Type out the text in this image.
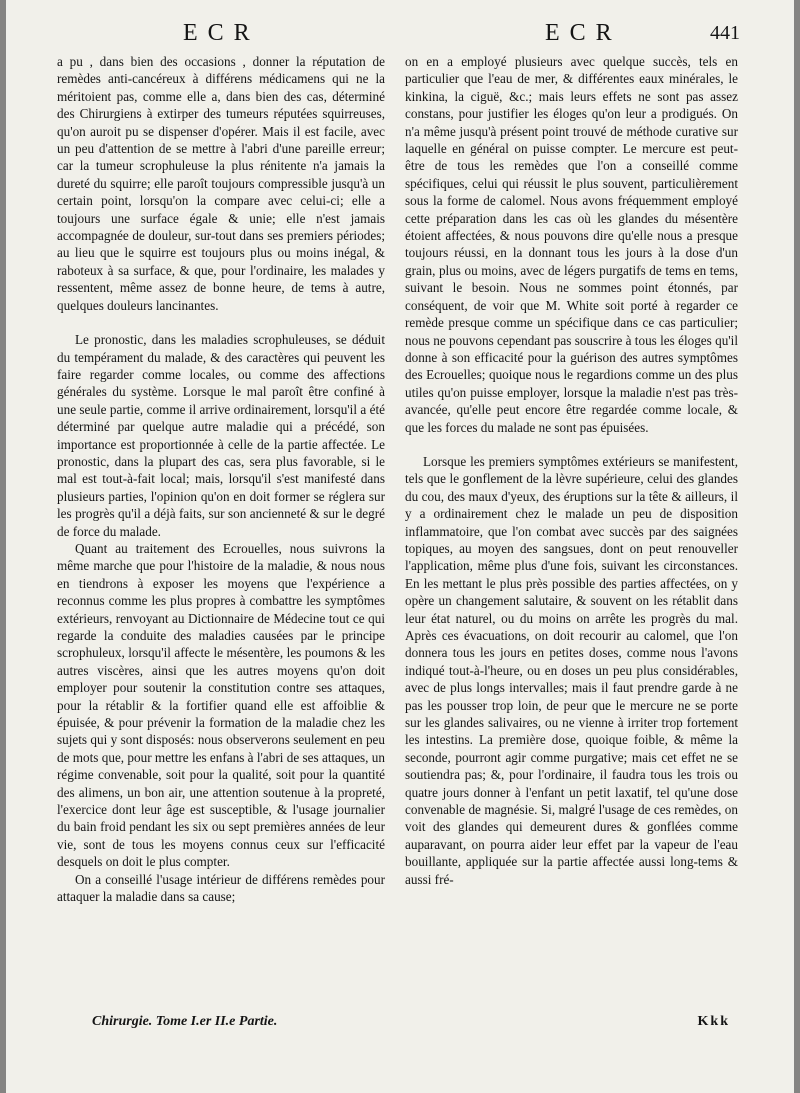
ECR	ECR	441

a pu , dans bien des occasions , donner la réputation de remèdes anti-cancéreux à différens médicamens qui ne la méritoient pas, comme elle a, dans bien des cas, déterminé des Chirurgiens à extirper des tumeurs réputées squirreuses, qu'on auroit pu se dispenser d'opérer. Mais il est facile, avec un peu d'attention de se mettre à l'abri d'une pareille erreur; car la tumeur scrophuleuse la plus rénitente n'a jamais la dureté du squirre; elle paroît toujours compressible jusqu'à un certain point, lorsqu'on la compare avec celui-ci; elle a toujours une surface égale & unie; elle n'est jamais accompagnée de douleur, sur-tout dans ses premiers périodes; au lieu que le squirre est toujours plus ou moins inégal, & raboteux à sa surface, & que, pour l'ordinaire, les malades y ressentent, même assez de bonne heure, de tems à autre, quelques douleurs lancinantes.

Le pronostic, dans les maladies scrophuleuses, se déduit du tempérament du malade, & des caractères qui peuvent les faire regarder comme locales, ou comme des affections générales du système. Lorsque le mal paroît être confiné à une seule partie, comme il arrive ordinairement, lorsqu'il a été déterminé par quelque autre maladie qui a précédé, son importance est proportionnée à celle de la partie affectée. Le pronostic, dans la plupart des cas, sera plus favorable, si le mal est tout-à-fait local; mais, lorsqu'il s'est manifesté dans plusieurs parties, l'opinion qu'on en doit former se réglera sur les progrès qu'il a déjà faits, sur son ancienneté & sur le degré de force du malade.

Quant au traitement des Ecrouelles, nous suivrons la même marche que pour l'histoire de la maladie, & nous nous en tiendrons à exposer les moyens que l'expérience a reconnus comme les plus propres à combattre les symptômes extérieurs, renvoyant au Dictionnaire de Médecine tout ce qui regarde la conduite des maladies causées par le principe scrophuleux, lorsqu'il affecte le mésentère, les poumons & les autres viscères, ainsi que les autres moyens qu'on doit employer pour soutenir la constitution contre ses attaques, pour la rétablir & la fortifier quand elle est affoiblie & épuisée, & pour prévenir la formation de la maladie chez les sujets qui y sont disposés: nous observerons seulement en peu de mots que, pour mettre les enfans à l'abri de ses attaques, un régime convenable, soit pour la qualité, soit pour la quantité des alimens, un bon air, une attention soutenue à la propreté, l'exercice dont leur âge est susceptible, & l'usage journalier du bain froid pendant les six ou sept premières années de leur vie, sont de tous les moyens connus ceux sur l'efficacité desquels on doit le plus compter.

On a conseillé l'usage intérieur de différens remèdes pour attaquer la maladie dans sa cause;

on en a employé plusieurs avec quelque succès, tels en particulier que l'eau de mer, & différentes eaux minérales, le kinkina, la ciguë, &c.; mais leurs effets ne sont pas assez constans, pour justifier les éloges qu'on leur a prodigués. On n'a même jusqu'à présent point trouvé de méthode curative sur laquelle en général on puisse compter. Le mercure est peut-être de tous les remèdes que l'on a conseillé comme spécifiques, celui qui réussit le plus souvent, particulièrement sous la forme de calomel. Nous avons fréquemment employé cette préparation dans les cas où les glandes du mésentère étoient affectées, & nous pouvons dire qu'elle nous a presque toujours réussi, en la donnant tous les jours à la dose d'un grain, plus ou moins, avec de légers purgatifs de tems en tems, suivant le besoin. Nous ne sommes point étonnés, par conséquent, de voir que M. White soit porté à regarder ce remède presque comme un spécifique dans ce cas particulier; nous ne pouvons cependant pas souscrire à tous les éloges qu'il donne à son efficacité pour la guérison des autres symptômes des Ecrouelles; quoique nous le regardions comme un des plus utiles qu'on puisse employer, lorsque la maladie n'est pas très-avancée, qu'elle peut encore être regardée comme locale, & que les forces du malade ne sont pas épuisées.

Lorsque les premiers symptômes extérieurs se manifestent, tels que le gonflement de la lèvre supérieure, celui des glandes du cou, des maux d'yeux, des éruptions sur la tête & ailleurs, il y a ordinairement chez le malade un peu de disposition inflammatoire, que l'on combat avec succès par des saignées topiques, au moyen des sangsues, dont on peut renouveller l'application, même plus d'une fois, suivant les circonstances. En les mettant le plus près possible des parties affectées, on y opère un changement salutaire, & souvent on les rétablit dans leur état naturel, ou du moins on arrête les progrès du mal. Après ces évacuations, on doit recourir au calomel, que l'on donnera tous les jours en petites doses, comme nous l'avons indiqué tout-à-l'heure, ou en doses un peu plus considérables, avec de plus longs intervalles; mais il faut prendre garde à ne pas les pousser trop loin, de peur que le mercure ne se porte sur les glandes salivaires, ou ne vienne à irriter trop fortement les intestins. La première dose, quoique foible, & même la seconde, pourront agir comme purgative; mais cet effet ne se soutiendra pas; &, pour l'ordinaire, il faudra tous les trois ou quatre jours donner à l'enfant un petit laxatif, tel qu'une dose convenable de magnésie. Si, malgré l'usage de ces remèdes, on voit des glandes qui demeurent dures & gonflées comme auparavant, on pourra aider leur effet par la vapeur de l'eau bouillante, appliquée sur la partie affectée aussi long-tems & aussi fré-

Chirurgie. Tome I.er II.e Partie.	Kkk
